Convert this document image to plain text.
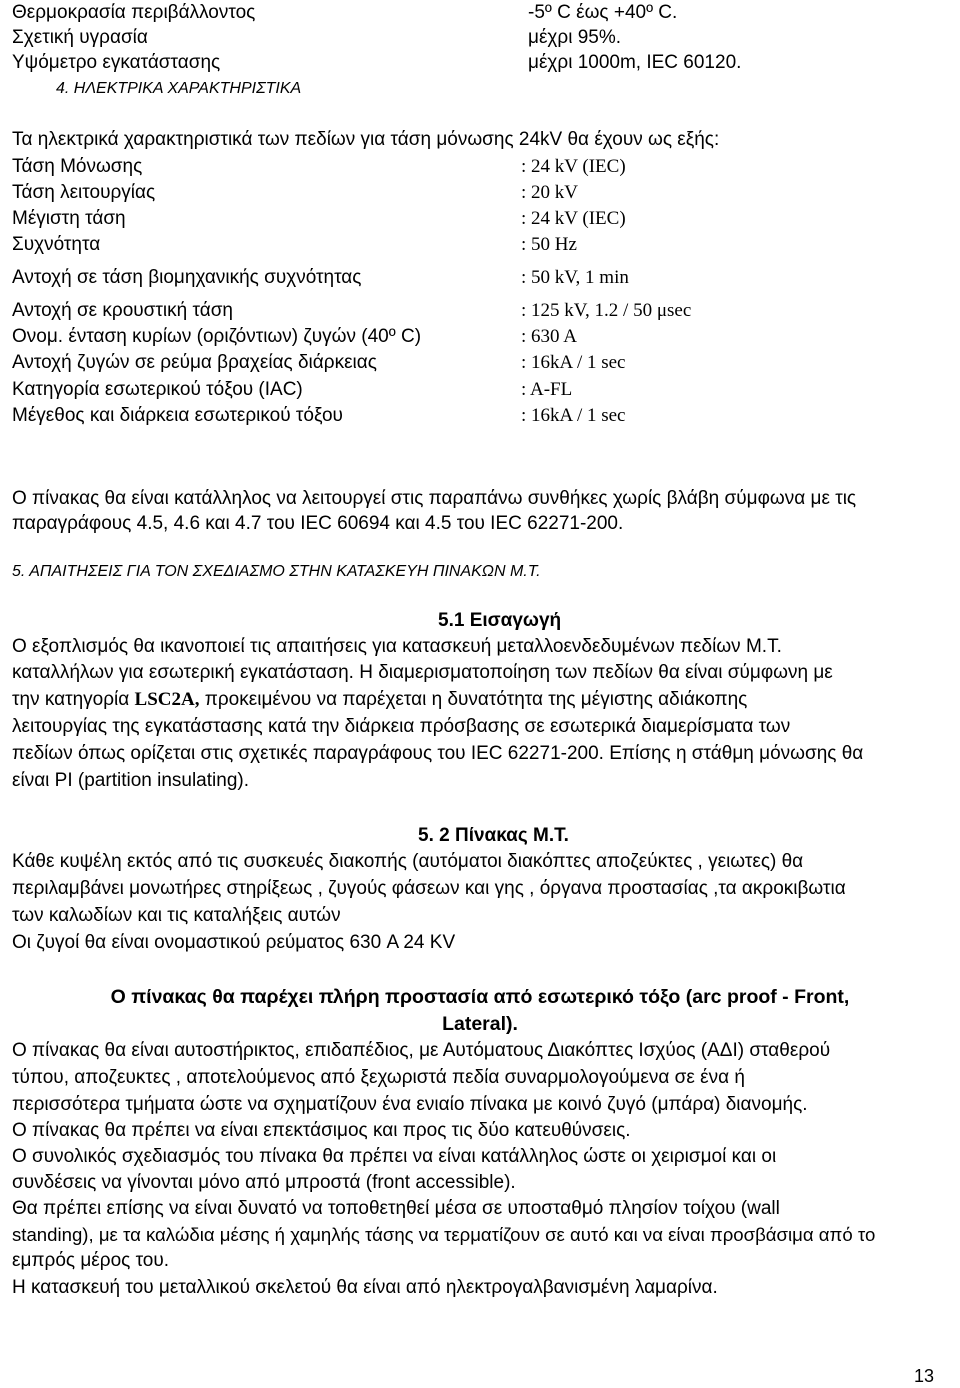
Θερμοκρασία περιβάλλοντος	-5º C έως +40º C.
Σχετική υγρασία	μέχρι 95%.
Υψόμετρο εγκατάστασης	μέχρι 1000m, IEC 60120.
4. ΗΛΕΚΤΡΙΚΑ ΧΑΡΑΚΤΗΡΙΣΤΙΚΑ
Τα ηλεκτρικά χαρακτηριστικά των πεδίων για τάση μόνωσης 24kV θα έχουν ως εξής:
Τάση Μόνωσης	: 24 kV (IEC)
Τάση λειτουργίας	: 20 kV
Μέγιστη τάση	: 24 kV (IEC)
Συχνότητα	: 50 Hz
Αντοχή σε τάση βιομηχανικής συχνότητας	: 50 kV, 1 min
Αντοχή σε κρουστική τάση	: 125 kV, 1.2 / 50 μsec
Ονομ. ένταση κυρίων (οριζόντιων) ζυγών (40º C)	: 630 A
Αντοχή ζυγών σε ρεύμα βραχείας διάρκειας	: 16kA / 1 sec
Κατηγορία εσωτερικού τόξου (IAC)	: A-FL
Μέγεθος και διάρκεια εσωτερικού τόξου	: 16kA / 1 sec
Ο πίνακας θα είναι κατάλληλος να λειτουργεί στις παραπάνω συνθήκες χωρίς βλάβη σύμφωνα με τις
παραγράφους 4.5, 4.6 και 4.7 του IEC 60694 και 4.5 του IEC 62271-200.
5. ΑΠΑΙΤΗΣΕΙΣ ΓΙΑ ΤΟΝ ΣΧΕΔΙΑΣΜΟ ΣΤΗΝ ΚΑΤΑΣΚΕΥΗ ΠΙΝΑΚΩΝ Μ.Τ.
5.1 Εισαγωγή
Ο εξοπλισμός θα ικανοποιεί τις απαιτήσεις για κατασκευή μεταλλοενδεδυμένων πεδίων Μ.Τ.
καταλλήλων για εσωτερική εγκατάσταση. Η διαμερισματοποίηση των πεδίων θα είναι σύμφωνη με
την κατηγορία LSC2A, προκειμένου να παρέχεται η δυνατότητα της μέγιστης αδιάκοπης
λειτουργίας της εγκατάστασης κατά την διάρκεια πρόσβασης σε εσωτερικά διαμερίσματα των
πεδίων όπως ορίζεται στις σχετικές παραγράφους του IEC 62271-200. Επίσης η στάθμη μόνωσης θα
είναι PI (partition insulating).
5. 2 Πίνακας Μ.Τ.
Κάθε κυψέλη εκτός από τις συσκευές διακοπής (αυτόματοι διακόπτες αποζεύκτες , γειωτες) θα
περιλαμβάνει μονωτήρες στηρίξεως , ζυγούς φάσεων και γης , όργανα προστασίας ,τα ακροκιβωτια
των καλωδίων και τις καταλήξεις αυτών
Οι ζυγοί θα είναι ονομαστικού ρεύματος 630 A 24 KV
Ο πίνακας θα παρέχει πλήρη προστασία από εσωτερικό τόξο (arc proof - Front,
Lateral).
Ο πίνακας θα είναι αυτοστήρικτος, επιδαπέδιος, με Αυτόματους Διακόπτες Ισχύος (ΑΔΙ) σταθερού
τύπου, αποζευκτες , αποτελούμενος από ξεχωριστά πεδία συναρμολογούμενα σε ένα ή
περισσότερα τμήματα ώστε να σχηματίζουν ένα ενιαίο πίνακα με κοινό ζυγό (μπάρα) διανομής.
Ο πίνακας θα πρέπει να είναι επεκτάσιμος και προς τις δύο κατευθύνσεις.
Ο συνολικός σχεδιασμός του πίνακα θα πρέπει να είναι κατάλληλος ώστε οι χειρισμοί και οι
συνδέσεις να γίνονται μόνο από μπροστά (front accessible).
Θα πρέπει επίσης να είναι δυνατό να τοποθετηθεί μέσα σε υποσταθμό πλησίον τοίχου (wall
standing), με τα καλώδια μέσης ή χαμηλής τάσης να τερματίζουν σε αυτό και να είναι προσβάσιμα από το
εμπρός μέρος του.
Η κατασκευή του μεταλλικού σκελετού θα είναι από ηλεκτρογαλβανισμένη λαμαρίνα.
13
